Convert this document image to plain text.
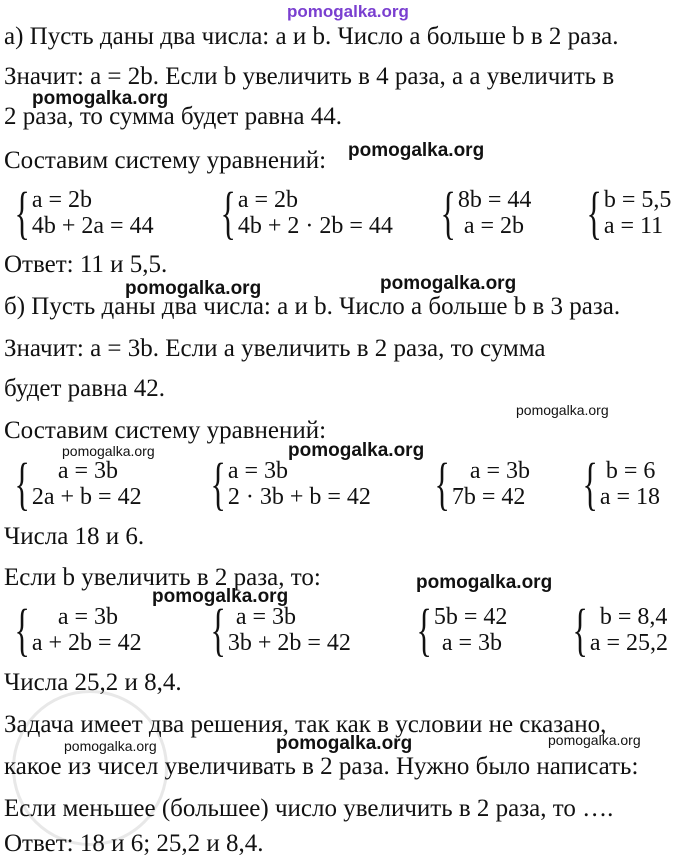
pomogalka.org
а) Пусть даны два числа: a и b. Число a больше b в 2 раза.
Значит: a = 2b. Если b увеличить в 4 раза, а a увеличить в
pomogalka.org
2 раза, то сумма будет равна 44.
Составим систему уравнений: pomogalka.org
{ a = 2b
4b + 2a = 44 { a = 2b
4b + 2 · 2b = 44 { 8b = 44
a = 2b { b = 5,5
a = 11
Ответ: 11 и 5,5.
pomogalka.org	pomogalka.org
б) Пусть даны два числа: a и b. Число a больше b в 3 раза.
Значит: a = 3b. Если a увеличить в 2 раза, то сумма
будет равна 42.
pomogalka.org
Составим систему уравнений:
pomogalka.org	pomogalka.org
{	a = 3b
2a + b = 42 { a = 3b
2 · 3b + b = 42 { a = 3b
7b = 42 { b = 6
a = 18
Числа 18 и 6.
Если b увеличить в 2 раза, то:	pomogalka.org
pomogalka.org
{	a = 3b
a + 2b = 42 { a = 3b
3b + 2b = 42 { 5b = 42
a = 3b { b = 8,4
a = 25,2
Числа 25,2 и 8,4.
Задача имеет два решения, так как в условии не сказано,
pomogalka.org
pomogalka.org
pomogalka.org
какое из чисел увеличивать в 2 раза. Нужно было написать:
Если меньшее (большее) число увеличить в 2 раза, то ….
Ответ: 18 и 6; 25,2 и 8,4.
